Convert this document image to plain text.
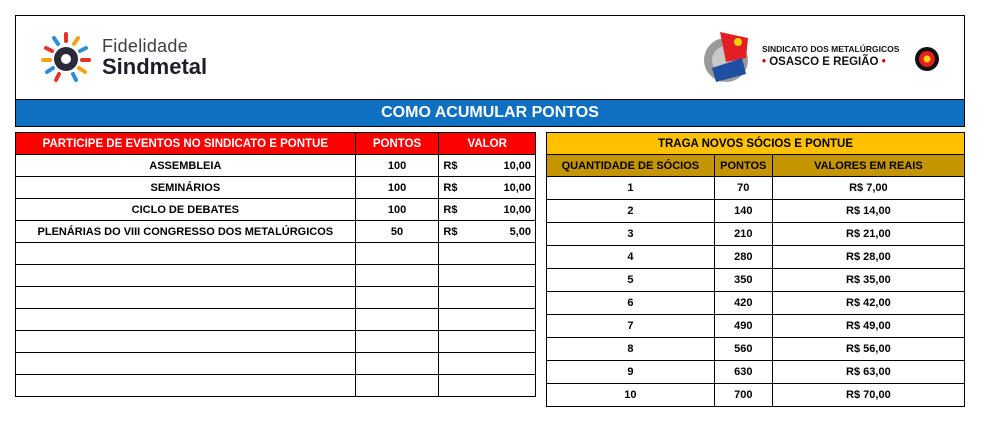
Fidelidade
Sindmetal
SINDICATO DOS METALÚRGICOS
• OSASCO E REGIÃO •
COMO ACUMULAR PONTOS
PARTICIPE DE EVENTOS NO SINDICATO E PONTUE	PONTOS	VALOR
ASSEMBLEIA	100	R$ 10,00

SEMINÁRIOS	100	R$ 10,00

CICLO DE DEBATES	100	R$ 10,00

PLENÁRIAS DO VIII CONGRESSO DOS METALÚRGICOS	50	R$ 5,00

TRAGA NOVOS SÓCIOS E PONTUE		
QUANTIDADE DE SÓCIOS	PONTOS	VALORES EM REAIS
1	70	R$ 7,00
2	140	R$ 14,00
3	210	R$ 21,00
4	280	R$ 28,00
5	350	R$ 35,00
6	420	R$ 42,00
7	490	R$ 49,00
8	560	R$ 56,00
9	630	R$ 63,00
10	700	R$ 70,00
